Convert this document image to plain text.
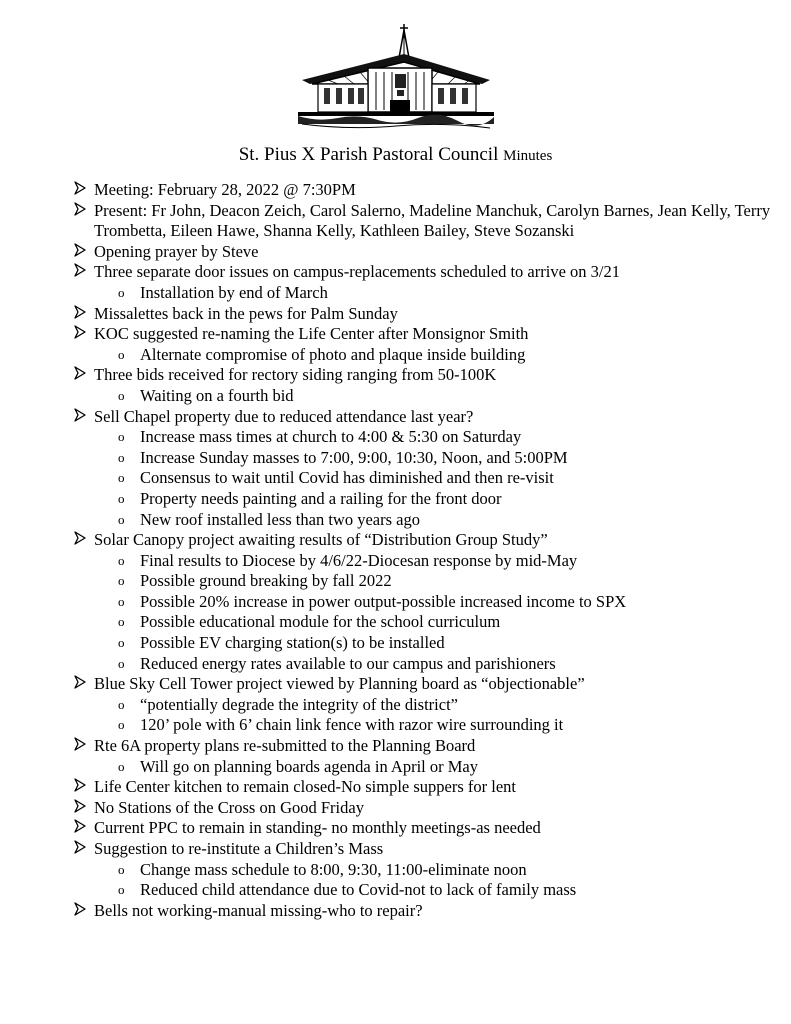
St. Pius X Parish Pastoral Council Minutes
Meeting: February 28, 2022 @ 7:30PM
Present: Fr John, Deacon Zeich, Carol Salerno, Madeline Manchuk, Carolyn Barnes, Jean Kelly, Terry Trombetta, Eileen Hawe, Shanna Kelly, Kathleen Bailey, Steve Sozanski
Opening prayer by Steve
Three separate door issues on campus-replacements scheduled to arrive on 3/21
o Installation by end of March
Missalettes back in the pews for Palm Sunday
KOC suggested re-naming the Life Center after Monsignor Smith
o Alternate compromise of photo and plaque inside building
Three bids received for rectory siding ranging from 50-100K
o Waiting on a fourth bid
Sell Chapel property due to reduced attendance last year?
o Increase mass times at church to 4:00 & 5:30 on Saturday
o Increase Sunday masses to 7:00, 9:00, 10:30, Noon, and 5:00PM
o Consensus to wait until Covid has diminished and then re-visit
o Property needs painting and a railing for the front door
o New roof installed less than two years ago
Solar Canopy project awaiting results of “Distribution Group Study”
o Final results to Diocese by 4/6/22-Diocesan response by mid-May
o Possible ground breaking by fall 2022
o Possible 20% increase in power output-possible increased income to SPX
o Possible educational module for the school curriculum
o Possible EV charging station(s) to be installed
o Reduced energy rates available to our campus and parishioners
Blue Sky Cell Tower project viewed by Planning board as “objectionable”
o “potentially degrade the integrity of the district”
o 120’ pole with 6’ chain link fence with razor wire surrounding it
Rte 6A property plans re-submitted to the Planning Board
o Will go on planning boards agenda in April or May
Life Center kitchen to remain closed-No simple suppers for lent
No Stations of the Cross on Good Friday
Current PPC to remain in standing- no monthly meetings-as needed
Suggestion to re-institute a Children’s Mass
o Change mass schedule to 8:00, 9:30, 11:00-eliminate noon
o Reduced child attendance due to Covid-not to lack of family mass
Bells not working-manual missing-who to repair?
